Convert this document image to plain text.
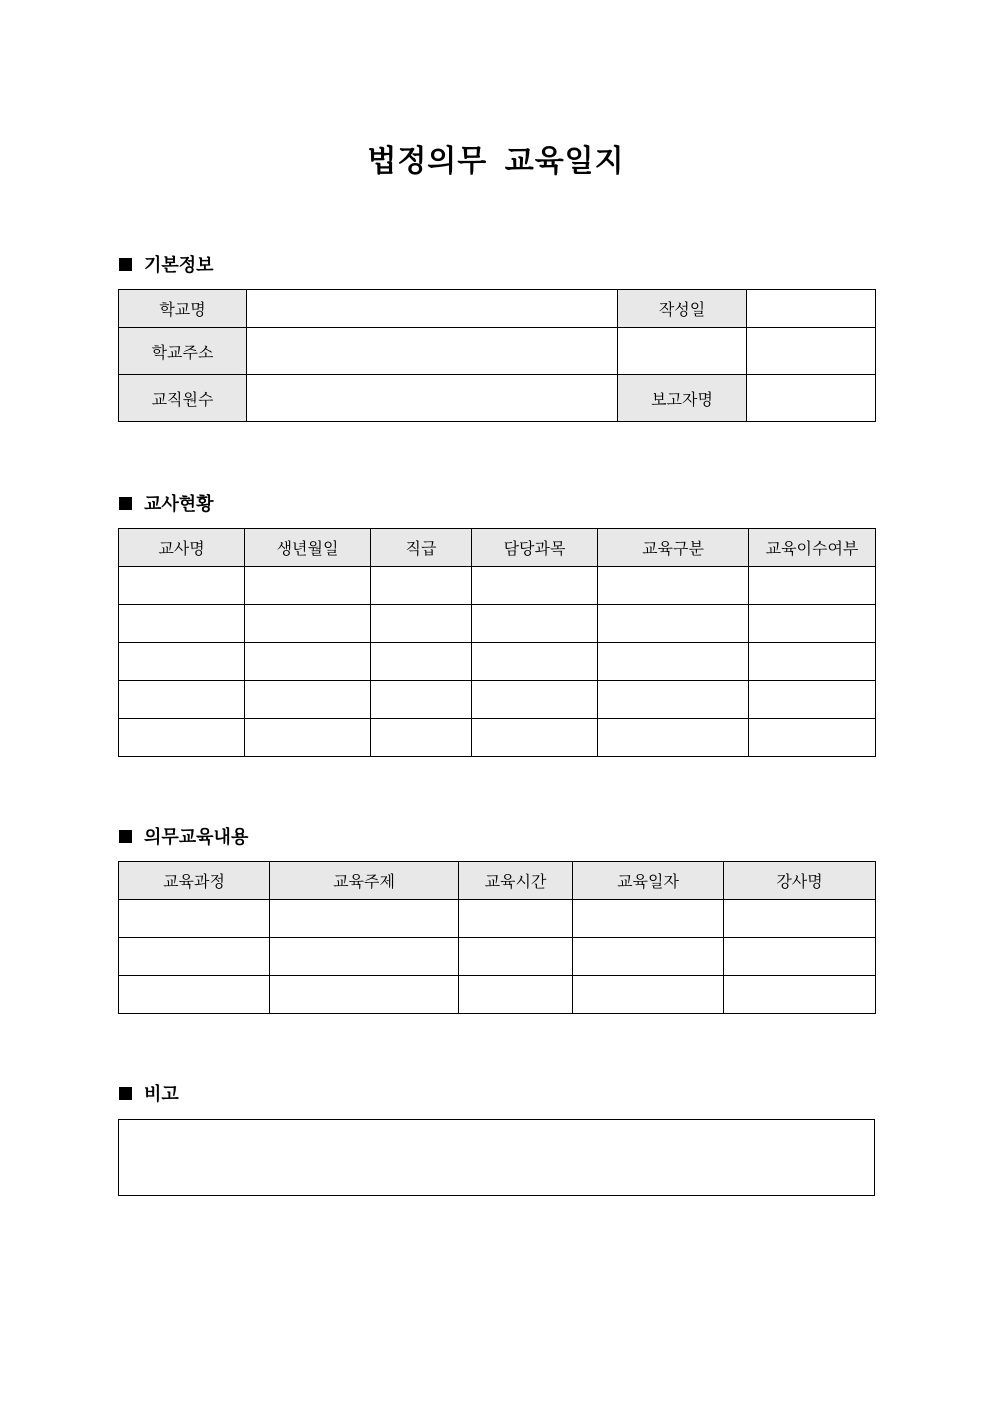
법정의무 교육일지
기본정보
학교명		작성일	
학교주소			
교직원수		보고자명	
교사현황
교사명	생년월일	직급	담당과목	교육구분	교육이수여부

의무교육내용
교육과정	교육주제	교육시간	교육일자	강사명

비고
